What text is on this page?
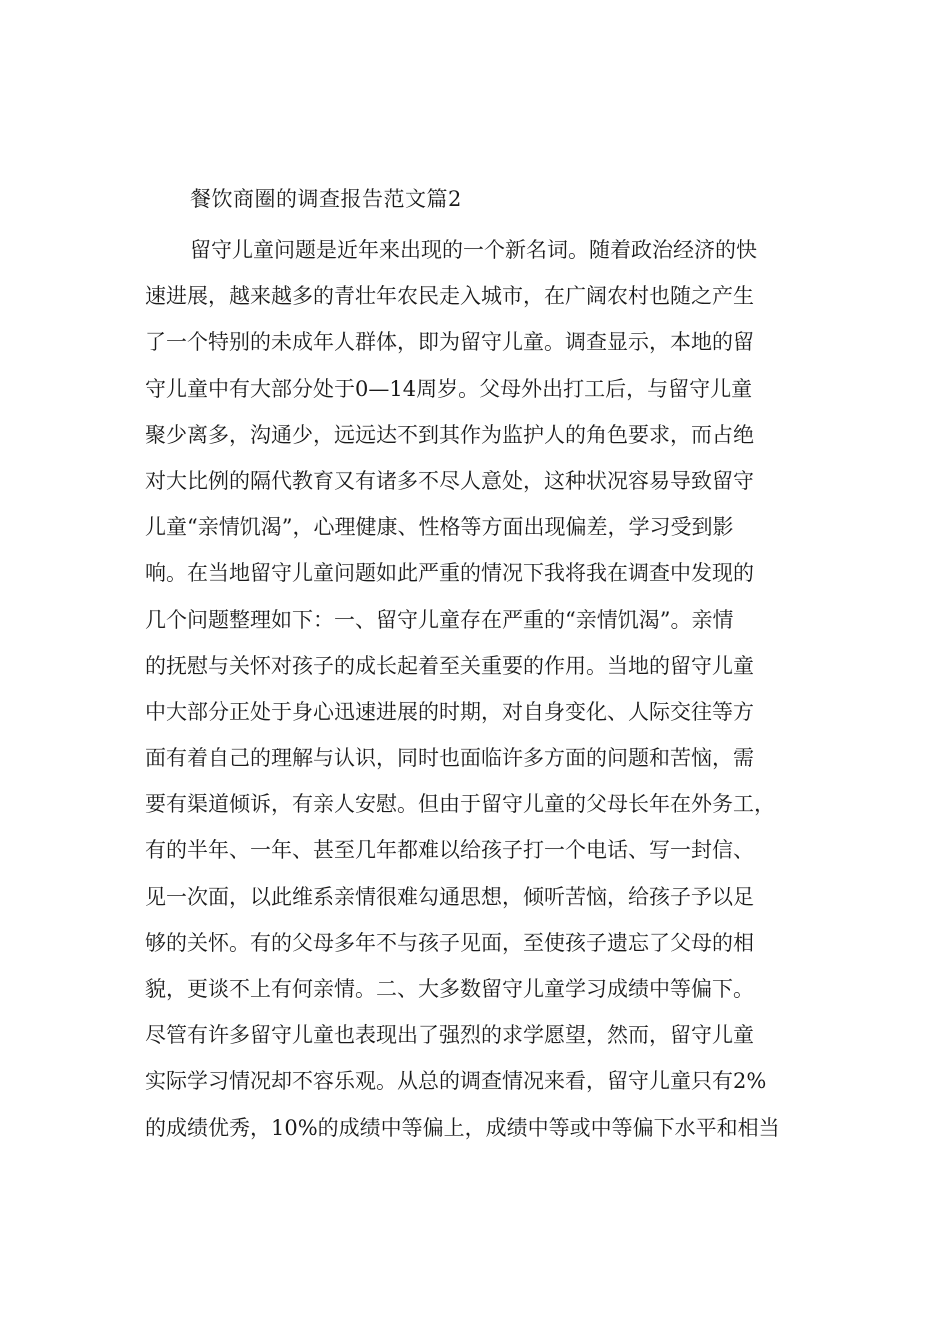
餐饮商圈的调查报告范文篇2
留守儿童问题是近年来出现的一个新名词。随着政治经济的快
速进展，越来越多的青壮年农民走入城市，在广阔农村也随之产生
了一个特别的未成年人群体，即为留守儿童。调查显示，本地的留
守儿童中有大部分处于0—14周岁。父母外出打工后，与留守儿童
聚少离多，沟通少，远远达不到其作为监护人的角色要求，而占绝
对大比例的隔代教育又有诸多不尽人意处，这种状况容易导致留守
儿童“亲情饥渴”，心理健康、性格等方面出现偏差，学习受到影
响。在当地留守儿童问题如此严重的情况下我将我在调查中发现的
几个问题整理如下：一、留守儿童存在严重的“亲情饥渴”。亲情
的抚慰与关怀对孩子的成长起着至关重要的作用。当地的留守儿童
中大部分正处于身心迅速进展的时期，对自身变化、人际交往等方
面有着自己的理解与认识，同时也面临许多方面的问题和苦恼，需
要有渠道倾诉，有亲人安慰。但由于留守儿童的父母长年在外务工，
有的半年、一年、甚至几年都难以给孩子打一个电话、写一封信、
见一次面，以此维系亲情很难勾通思想，倾听苦恼，给孩子予以足
够的关怀。有的父母多年不与孩子见面，至使孩子遗忘了父母的相
貌，更谈不上有何亲情。二、大多数留守儿童学习成绩中等偏下。
尽管有许多留守儿童也表现出了强烈的求学愿望，然而，留守儿童
实际学习情况却不容乐观。从总的调查情况来看，留守儿童只有2%
的成绩优秀，10%的成绩中等偏上，成绩中等或中等偏下水平和相当
